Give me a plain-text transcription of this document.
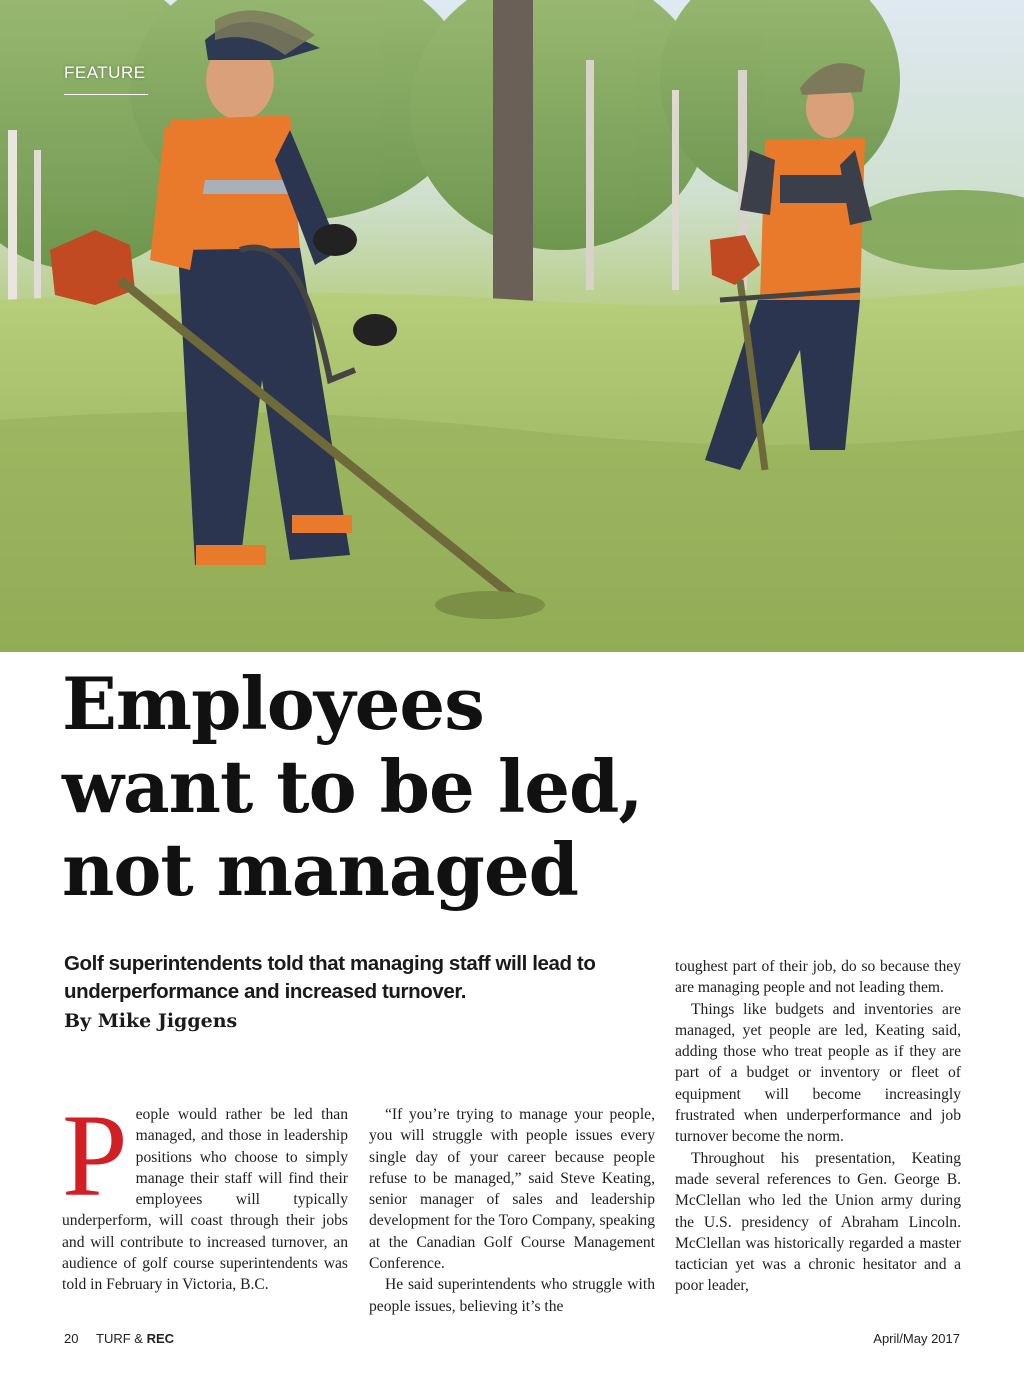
FEATURE
Employees
want to be led,
not managed

Golf superintendents told that managing staff will lead to underperformance and increased turnover.

By Mike Jiggens

People would rather be led than managed, and those in leadership positions who choose to simply manage their staff will find their employees will typically underperform, will coast through their jobs and will contribute to increased turnover, an audience of golf course superintendents was told in February in Victoria, B.C.

“If you’re trying to manage your people, you will struggle with people issues every single day of your career because people refuse to be managed,” said Steve Keating, senior manager of sales and leadership development for the Toro Company, speaking at the Canadian Golf Course Management Conference.

He said superintendents who struggle with people issues, believing it’s the

toughest part of their job, do so because they are managing people and not leading them.

Things like budgets and inventories are managed, yet people are led, Keating said, adding those who treat people as if they are part of a budget or inventory or fleet of equipment will become increasingly frustrated when underperformance and job turnover become the norm.

Throughout his presentation, Keating made several references to Gen. George B. McClellan who led the Union army during the U.S. presidency of Abraham Lincoln. McClellan was historically regarded a master tactician yet was a chronic hesitator and a poor leader,

20 TURF & REC	April/May 2017
